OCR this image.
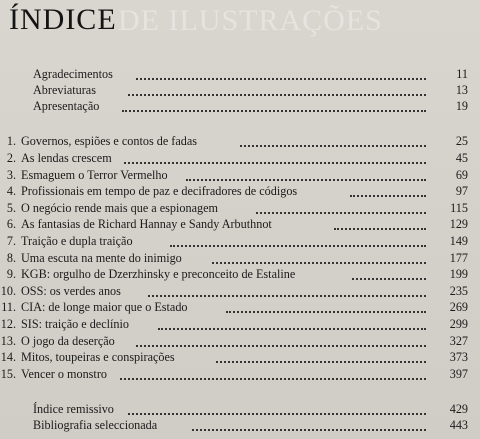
DE ILUSTRAÇÕES
ÍNDICE
Agradecimentos	11
Abreviaturas	13
Apresentação	19
1. Governos, espiões e contos de fadas	25
2. As lendas crescem	45
3. Esmaguem o Terror Vermelho	69
4. Profissionais em tempo de paz e decifradores de códigos	97
5. O negócio rende mais que a espionagem	115
6. As fantasias de Richard Hannay e Sandy Arbuthnot	129
7. Traição e dupla traição	149
8. Uma escuta na mente do inimigo	177
9. KGB: orgulho de Dzerzhinsky e preconceito de Estaline	199
10. OSS: os verdes anos	235
11. CIA: de longe maior que o Estado	269
12. SIS: traição e declínio	299
13. O jogo da deserção	327
14. Mitos, toupeiras e conspirações	373
15. Vencer o monstro	397
Índice remissivo	429
Bibliografia seleccionada	443
